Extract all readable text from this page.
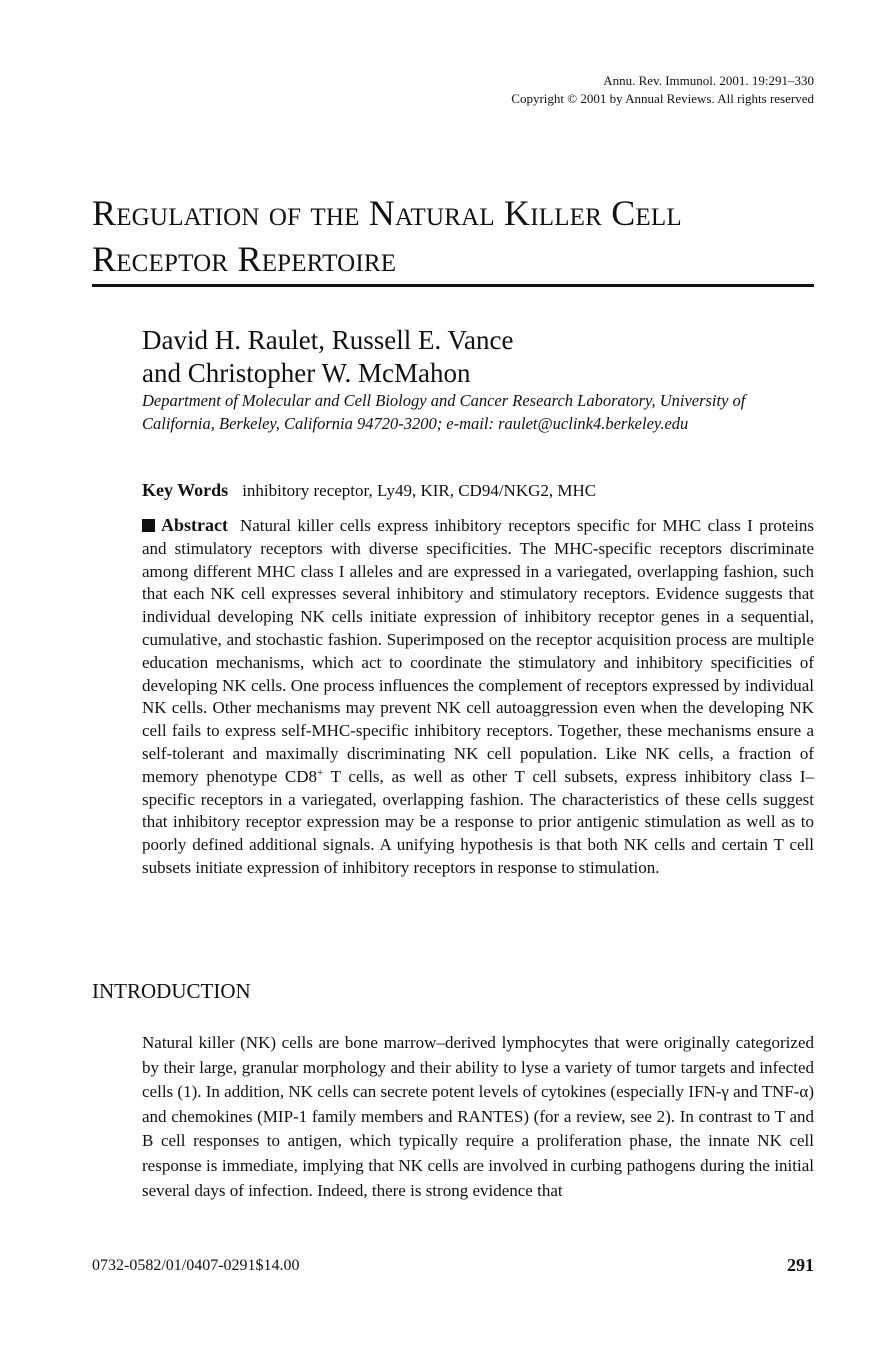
Annu. Rev. Immunol. 2001. 19:291–330
Copyright © 2001 by Annual Reviews. All rights reserved
Regulation of the Natural Killer Cell
Receptor Repertoire
David H. Raulet, Russell E. Vance
and Christopher W. McMahon
Department of Molecular and Cell Biology and Cancer Research Laboratory, University of California, Berkeley, California 94720-3200; e-mail: raulet@uclink4.berkeley.edu
Key Words inhibitory receptor, Ly49, KIR, CD94/NKG2, MHC
Abstract Natural killer cells express inhibitory receptors specific for MHC class I proteins and stimulatory receptors with diverse specificities. The MHC-specific receptors discriminate among different MHC class I alleles and are expressed in a variegated, overlapping fashion, such that each NK cell expresses several inhibitory and stimulatory receptors. Evidence suggests that individual developing NK cells initiate expression of inhibitory receptor genes in a sequential, cumulative, and stochastic fashion. Superimposed on the receptor acquisition process are multiple education mechanisms, which act to coordinate the stimulatory and inhibitory specificities of developing NK cells. One process influences the complement of receptors expressed by individual NK cells. Other mechanisms may prevent NK cell autoaggression even when the developing NK cell fails to express self-MHC-specific inhibitory receptors. Together, these mechanisms ensure a self-tolerant and maximally discriminating NK cell population. Like NK cells, a fraction of memory phenotype CD8+ T cells, as well as other T cell subsets, express inhibitory class I–specific receptors in a variegated, overlapping fashion. The characteristics of these cells suggest that inhibitory receptor expression may be a response to prior antigenic stimulation as well as to poorly defined additional signals. A unifying hypothesis is that both NK cells and certain T cell subsets initiate expression of inhibitory receptors in response to stimulation.
INTRODUCTION
Natural killer (NK) cells are bone marrow–derived lymphocytes that were originally categorized by their large, granular morphology and their ability to lyse a variety of tumor targets and infected cells (1). In addition, NK cells can secrete potent levels of cytokines (especially IFN-γ and TNF-α) and chemokines (MIP-1 family members and RANTES) (for a review, see 2). In contrast to T and B cell responses to antigen, which typically require a proliferation phase, the innate NK cell response is immediate, implying that NK cells are involved in curbing pathogens during the initial several days of infection. Indeed, there is strong evidence that
0732-0582/01/0407-0291$14.00	291
